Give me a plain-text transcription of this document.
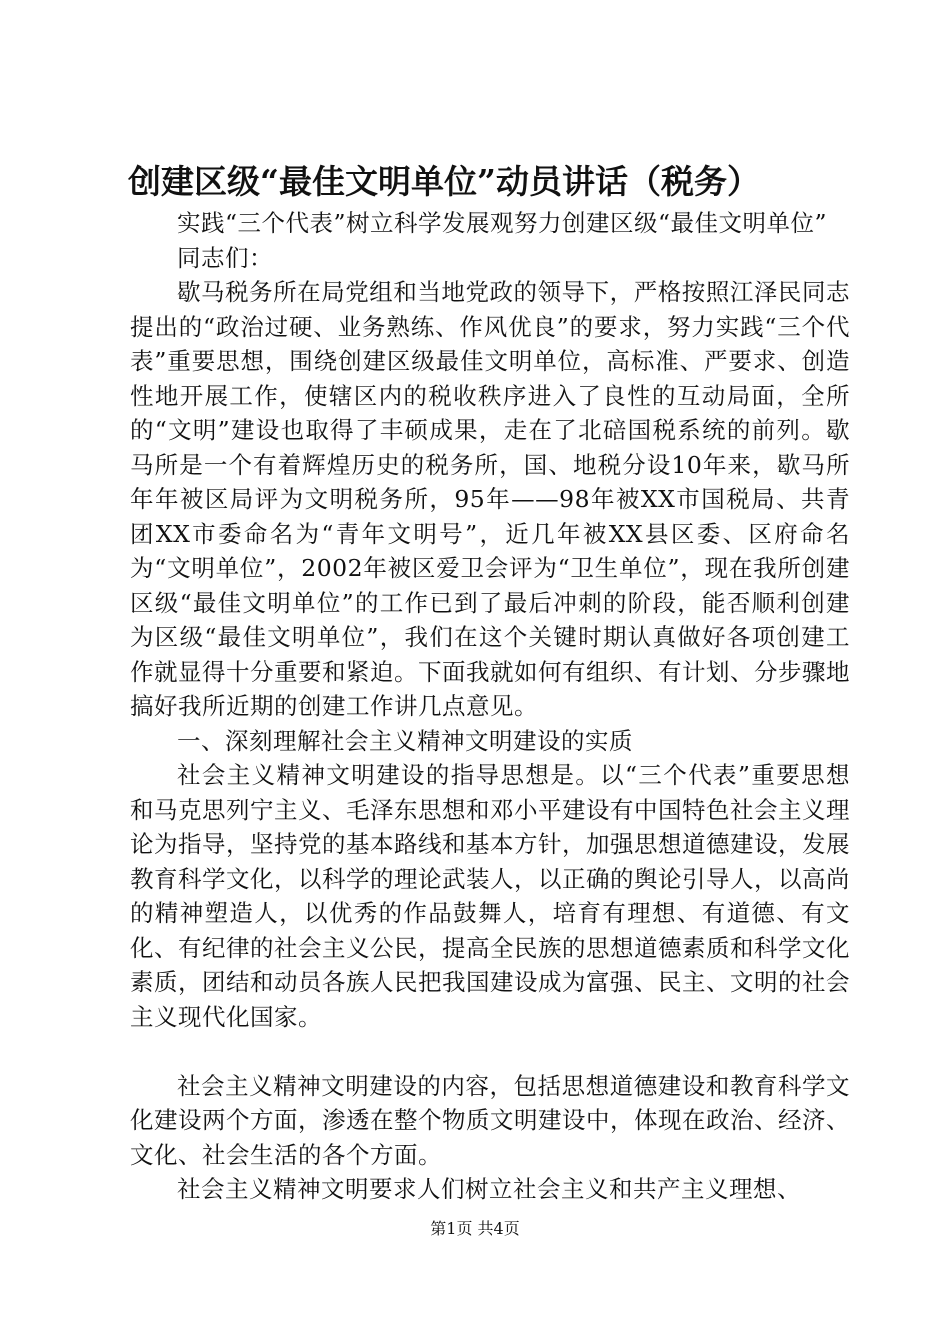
创建区级“最佳文明单位”动员讲话（税务）

实践“三个代表”树立科学发展观努力创建区级“最佳文明单位”

同志们：

歇马税务所在局党组和当地党政的领导下，严格按照江泽民同志提出的“政治过硬、业务熟练、作风优良”的要求，努力实践“三个代表”重要思想，围绕创建区级最佳文明单位，高标准、严要求、创造性地开展工作，使辖区内的税收秩序进入了良性的互动局面，全所的“文明”建设也取得了丰硕成果，走在了北碚国税系统的前列。歇马所是一个有着辉煌历史的税务所，国、地税分设10年来，歇马所年年被区局评为文明税务所，95年——98年被XX市国税局、共青团XX市委命名为“青年文明号”，近几年被XX县区委、区府命名为“文明单位”，2002年被区爱卫会评为“卫生单位”，现在我所创建区级“最佳文明单位”的工作已到了最后冲刺的阶段，能否顺利创建为区级“最佳文明单位”，我们在这个关键时期认真做好各项创建工作就显得十分重要和紧迫。下面我就如何有组织、有计划、分步骤地搞好我所近期的创建工作讲几点意见。

一、深刻理解社会主义精神文明建设的实质

社会主义精神文明建设的指导思想是。以“三个代表”重要思想和马克思列宁主义、毛泽东思想和邓小平建设有中国特色社会主义理论为指导，坚持党的基本路线和基本方针，加强思想道德建设，发展教育科学文化，以科学的理论武装人，以正确的舆论引导人，以高尚的精神塑造人，以优秀的作品鼓舞人，培育有理想、有道德、有文化、有纪律的社会主义公民，提高全民族的思想道德素质和科学文化素质，团结和动员各族人民把我国建设成为富强、民主、文明的社会主义现代化国家。

社会主义精神文明建设的内容，包括思想道德建设和教育科学文化建设两个方面，渗透在整个物质文明建设中，体现在政治、经济、文化、社会生活的各个方面。

社会主义精神文明要求人们树立社会主义和共产主义理想、

第1页 共4页
